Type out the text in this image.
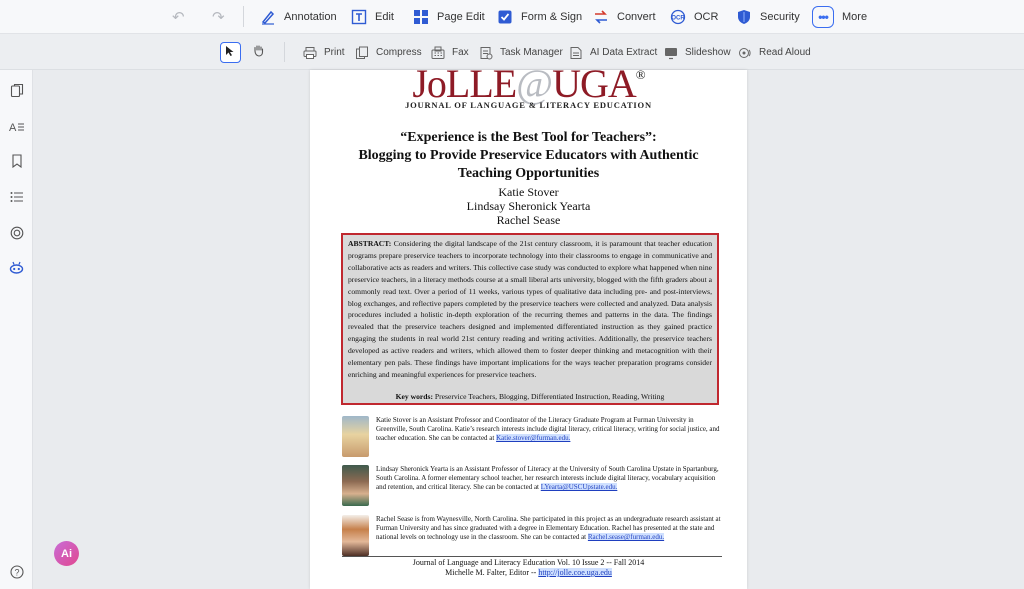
↶ ↷	Annotation	Edit	Page Edit	Form & Sign	Convert	OCR OCR	Security	•••	More
Print	Compress	Fax	Task Manager	AI Data Extract	Slideshow	Read Aloud
A
?
Ai
JoLLE@UGA®
JOURNAL OF LANGUAGE & LITERACY EDUCATION
“Experience is the Best Tool for Teachers”:
Blogging to Provide Preservice Educators with Authentic
Teaching Opportunities
Katie Stover
Lindsay Sheronick Yearta
Rachel Sease
ABSTRACT: Considering the digital landscape of the 21st century classroom, it is paramount that teacher education programs prepare preservice teachers to incorporate technology into their classrooms to engage in communicative and collaborative acts as readers and writers. This collective case study was conducted to explore what happened when nine preservice teachers, in a literacy methods course at a small liberal arts university, blogged with the fifth graders about a commonly read text. Over a period of 11 weeks, various types of qualitative data including pre- and post-interviews, blog exchanges, and reflective papers completed by the preservice teachers were collected and analyzed. Data analysis procedures included a holistic in-depth exploration of the recurring themes and patterns in the data. The findings revealed that the preservice teachers designed and implemented differentiated instruction as they gained practice engaging the students in real world 21st century reading and writing activities. Additionally, the preservice teachers developed as active readers and writers, which allowed them to foster deeper thinking and metacognition with their elementary pen pals. These findings have important implications for the ways teacher preparation programs consider enriching and meaningful experiences for preservice teachers.
Key words: Preservice Teachers, Blogging, Differentiated Instruction, Reading, Writing
Katie Stover is an Assistant Professor and Coordinator of the Literacy Graduate Program at Furman University in Greenville, South Carolina. Katie’s research interests include digital literacy, critical literacy, writing for social justice, and teacher education. She can be contacted at Katie.stover@furman.edu.
Lindsay Sheronick Yearta is an Assistant Professor of Literacy at the University of South Carolina Upstate in Spartanburg, South Carolina. A former elementary school teacher, her research interests include digital literacy, vocabulary acquisition and retention, and critical literacy. She can be contacted at LYearta@USCUpstate.edu.
Rachel Sease is from Waynesville, North Carolina. She participated in this project as an undergraduate research assistant at Furman University and has since graduated with a degree in Elementary Education. Rachel has presented at the state and national levels on technology use in the classroom. She can be contacted at Rachel.sease@furman.edu.
Journal of Language and Literacy Education Vol. 10 Issue 2 -- Fall 2014
Michelle M. Falter, Editor -- http://jolle.coe.uga.edu
